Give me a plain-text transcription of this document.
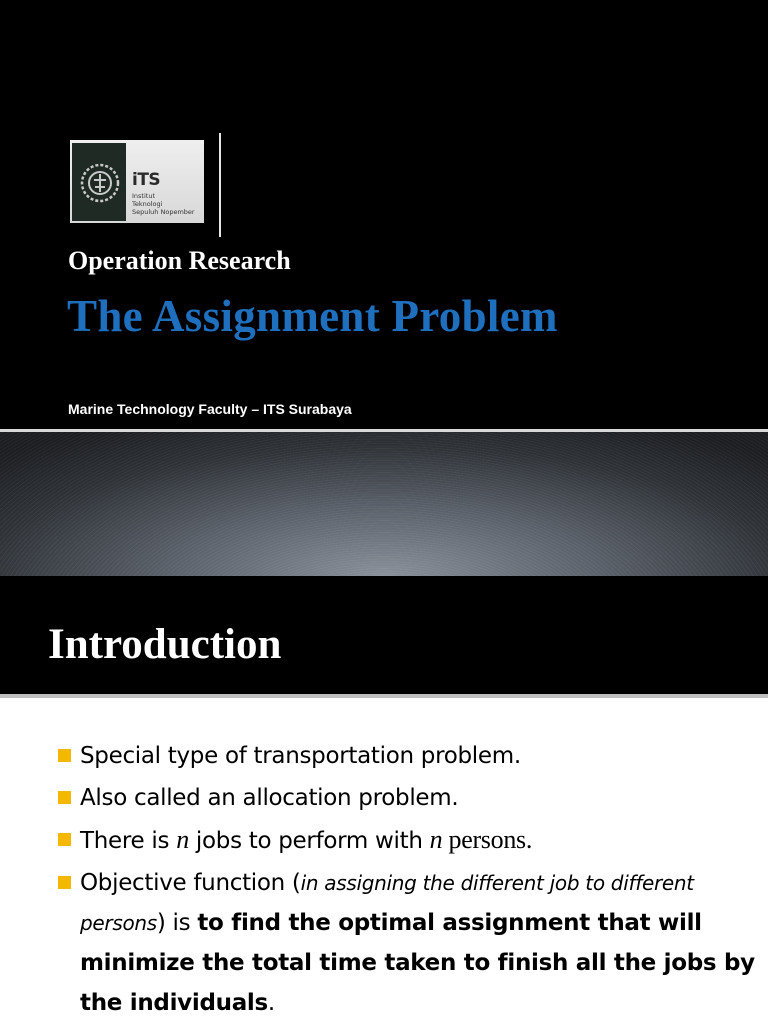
iTS
Institut
Teknologi
Sepuluh Nopember
Operation Research
The Assignment Problem

Marine Technology Faculty – ITS Surabaya

Introduction
Special type of transportation problem.
Also called an allocation problem.
There is n jobs to perform with n persons.
Objective function (in assigning the different job to different persons) is to find the optimal assignment that will minimize the total time taken to finish all the jobs by the individuals.
